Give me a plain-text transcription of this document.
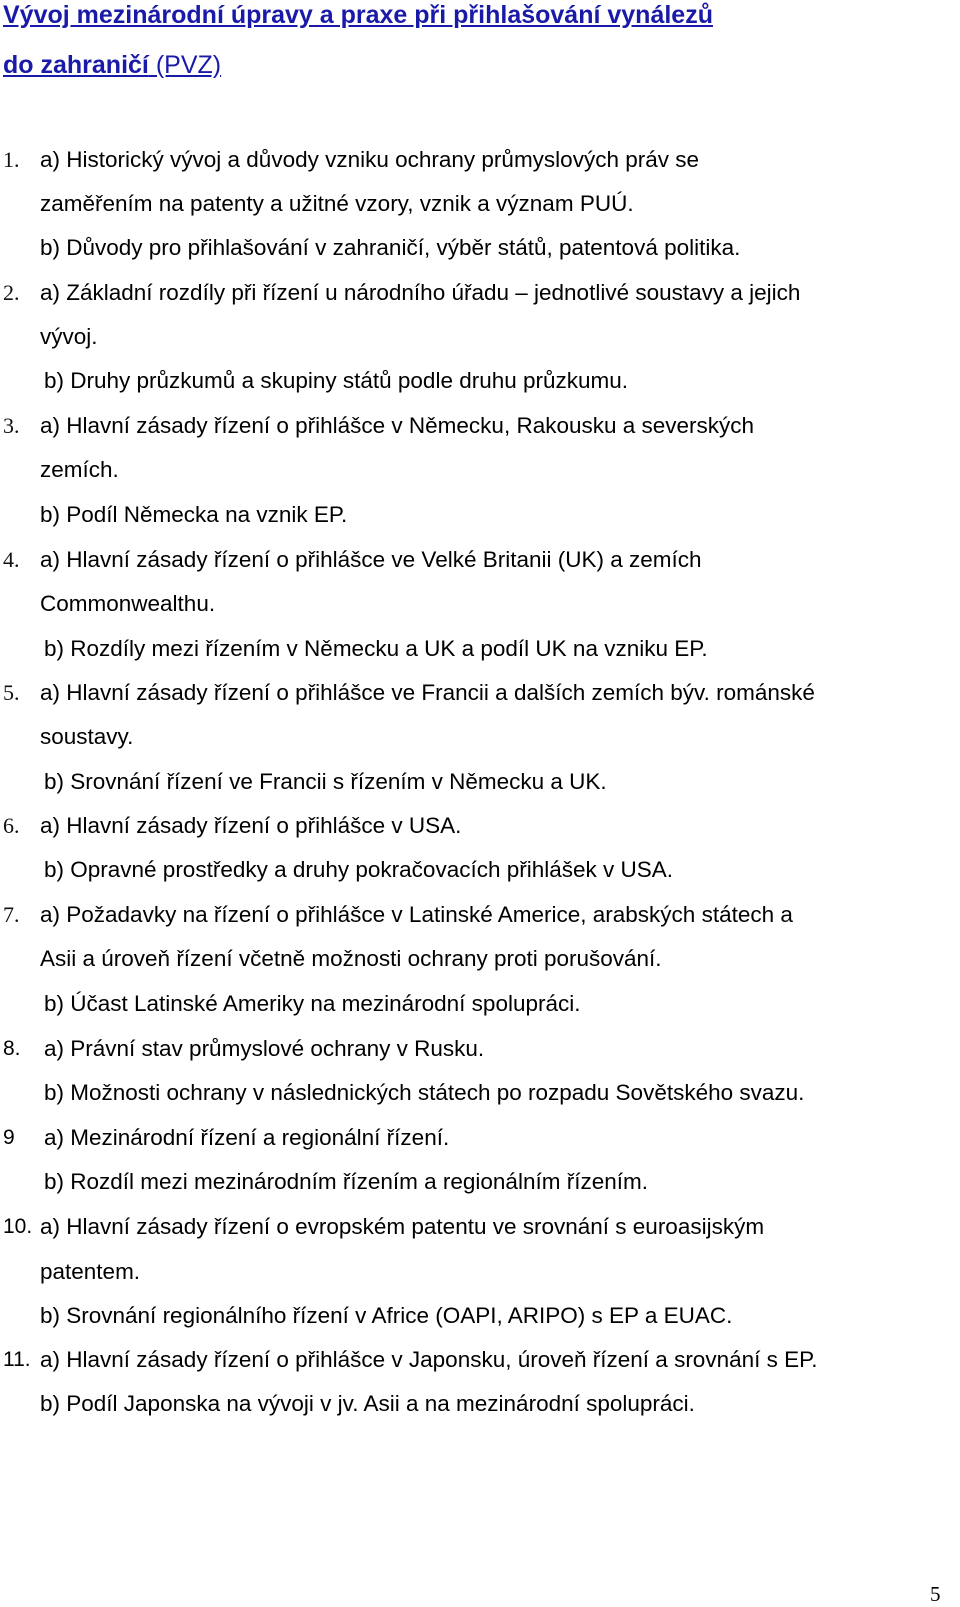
Vývoj mezinárodní úpravy a praxe při přihlašování vynálezů
do zahraničí (PVZ)
1. a) Historický vývoj a důvody vzniku ochrany průmyslových práv se
zaměřením na patenty a užitné vzory, vznik a význam PUÚ.
b) Důvody pro přihlašování v zahraničí, výběr států, patentová politika.
2. a) Základní rozdíly při řízení u národního úřadu – jednotlivé soustavy a jejich
vývoj.
b) Druhy průzkumů a skupiny států podle druhu průzkumu.
3. a) Hlavní zásady řízení o přihlášce v Německu, Rakousku a severských
zemích.
b) Podíl Německa na vznik EP.
4. a) Hlavní zásady řízení o přihlášce ve Velké Britanii (UK) a zemích
Commonwealthu.
b) Rozdíly mezi řízením v Německu a UK a podíl UK na vzniku EP.
5. a) Hlavní zásady řízení o přihlášce ve Francii a dalších zemích býv. románské
soustavy.
b) Srovnání řízení ve Francii s řízením v Německu a UK.
6. a) Hlavní zásady řízení o přihlášce v USA.
b) Opravné prostředky a druhy pokračovacích přihlášek v USA.
7. a) Požadavky na řízení o přihlášce v Latinské Americe, arabských státech a
Asii a úroveň řízení včetně možnosti ochrany proti porušování.
b) Účast Latinské Ameriky na mezinárodní spolupráci.
8. a) Právní stav průmyslové ochrany v Rusku.
b) Možnosti ochrany v následnických státech po rozpadu Sovětského svazu.
9 a) Mezinárodní řízení a regionální řízení.
b) Rozdíl mezi mezinárodním řízením a regionálním řízením.
10. a) Hlavní zásady řízení o evropském patentu ve srovnání s euroasijským
patentem.
b) Srovnání regionálního řízení v Africe (OAPI, ARIPO) s EP a EUAC.
11. a) Hlavní zásady řízení o přihlášce v Japonsku, úroveň řízení a srovnání s EP.
b) Podíl Japonska na vývoji v jv. Asii a na mezinárodní spolupráci.
5
